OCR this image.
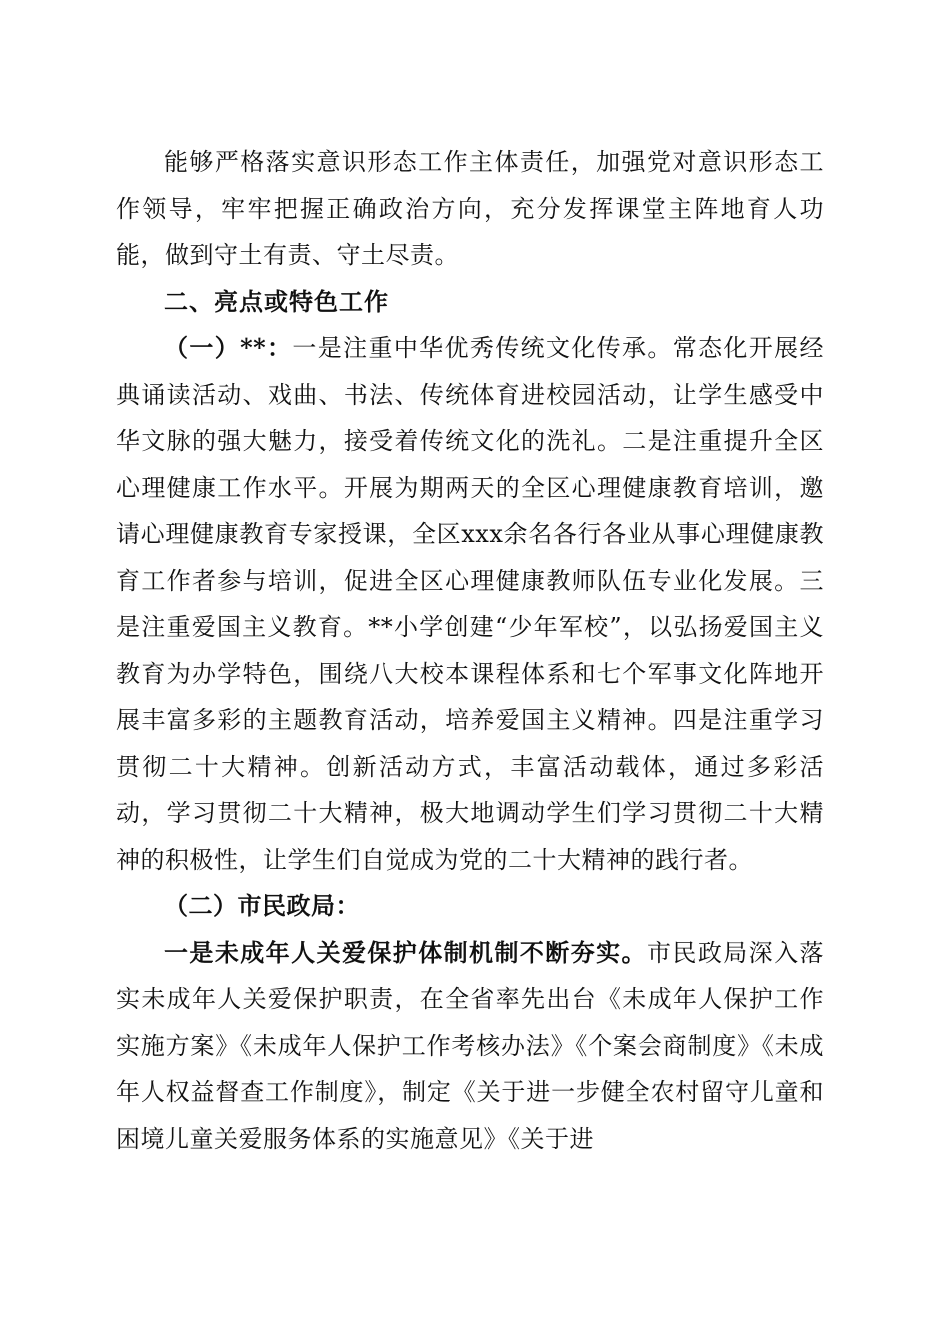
能够严格落实意识形态工作主体责任，加强党对意识形态工作领导，牢牢把握正确政治方向，充分发挥课堂主阵地育人功能，做到守土有责、守土尽责。

二、亮点或特色工作

（一）**：一是注重中华优秀传统文化传承。常态化开展经典诵读活动、戏曲、书法、传统体育进校园活动，让学生感受中华文脉的强大魅力，接受着传统文化的洗礼。二是注重提升全区心理健康工作水平。开展为期两天的全区心理健康教育培训，邀请心理健康教育专家授课，全区xxx余名各行各业从事心理健康教育工作者参与培训，促进全区心理健康教师队伍专业化发展。三是注重爱国主义教育。**小学创建“少年军校”，以弘扬爱国主义教育为办学特色，围绕八大校本课程体系和七个军事文化阵地开展丰富多彩的主题教育活动，培养爱国主义精神。四是注重学习贯彻二十大精神。创新活动方式，丰富活动载体，通过多彩活动，学习贯彻二十大精神，极大地调动学生们学习贯彻二十大精神的积极性，让学生们自觉成为党的二十大精神的践行者。

（二）市民政局：

一是未成年人关爱保护体制机制不断夯实。市民政局深入落实未成年人关爱保护职责，在全省率先出台《未成年人保护工作实施方案》《未成年人保护工作考核办法》《个案会商制度》《未成年人权益督查工作制度》，制定《关于进一步健全农村留守儿童和困境儿童关爱服务体系的实施意见》《关于进
